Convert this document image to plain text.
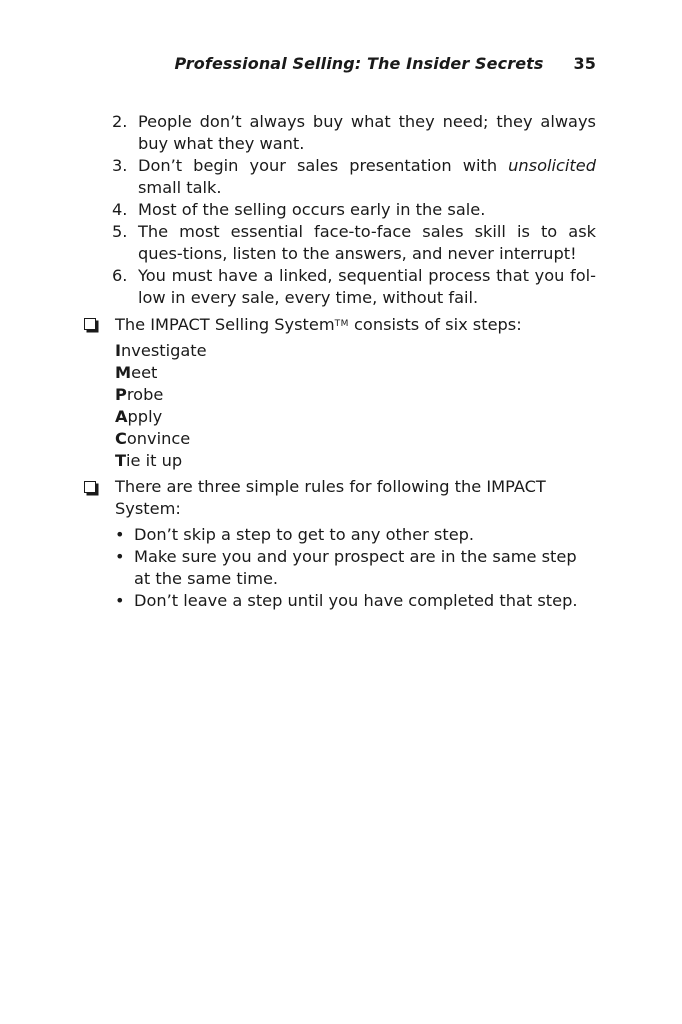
Professional Selling: The Insider Secrets 35
2. People don’t always buy what they need; they always buy what they want.
3. Don’t begin your sales presentation with unsolicited small talk.
4. Most of the selling occurs early in the sale.
5. The most essential face-to-face sales skill is to ask ques-tions, listen to the answers, and never interrupt!
6. You must have a linked, sequential process that you fol-low in every sale, every time, without fail.
The IMPACT Selling System™ consists of six steps:
Investigate
Meet
Probe
Apply
Convince
Tie it up
There are three simple rules for following the IMPACT System:
• Don’t skip a step to get to any other step.
• Make sure you and your prospect are in the same step at the same time.
• Don’t leave a step until you have completed that step.
